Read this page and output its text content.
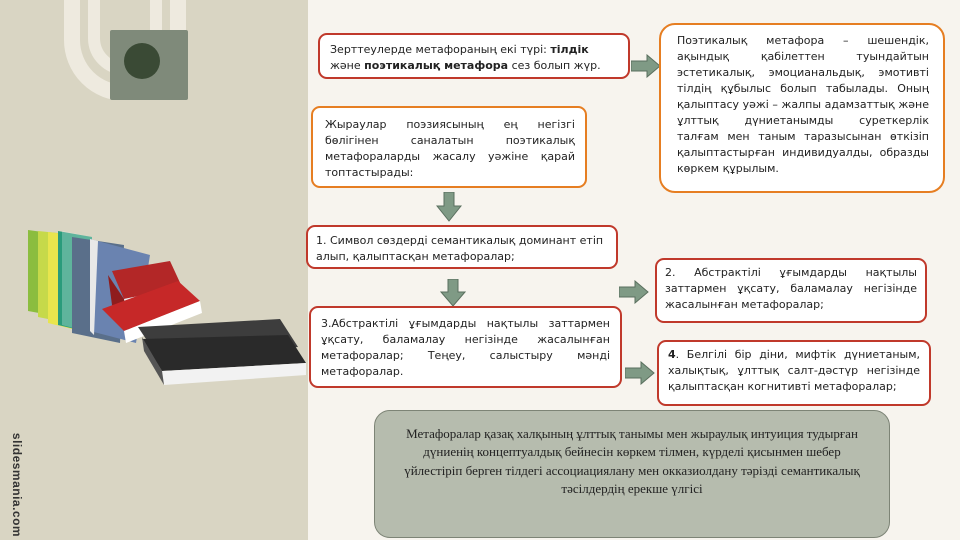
slidesmania.com
Зерттеулерде метафораның екі түрі: тілдік және поэтикалық метафора сез болып жүр.
Поэтикалық метафора – шешендік, ақындық қабілеттен туындайтын эстетикалық, эмоцианальдық, эмотивті тілдің құбылыс болып табылады. Оның қалыптасу уәжі – жалпы адамзаттық және ұлттық дүниетанымды суреткерлік талғам мен таным таразысынан өткізіп қалыптастырған индивидуалды, образды көркем құрылым.
Жыраулар поэзиясының ең негізгі бөлігінен саналатын поэтикалық метафораларды жасалу уәжіне қарай топтастырады:
1. Символ сөздерді семантикалық доминант етіп алып, қалыптасқан метафоралар;
3.Абстрактілі ұғымдарды нақтылы заттармен ұқсату, баламалау негізінде жасалынған метафоралар; Теңеу, салыстыру мәнді метафоралар.
2. Абстрактілі ұғымдарды нақтылы заттармен ұқсату, баламалау негізінде жасалынған метафоралар;
4. Белгілі бір діни, мифтік дүниетаным, халықтық, ұлттық салт-дәстүр негізінде қалыптасқан когнитивті метафоралар;
Метафоралар қазақ халқының ұлттық танымы мен жыраулық интуиция тудырған дүниенің концептуалдық бейнесін көркем тілмен, күрделі қисынмен шебер үйлестіріп берген тілдегі ассоциациялану мен окказиолдану тәрізді семантикалық тәсілдердің ерекше үлгісі
